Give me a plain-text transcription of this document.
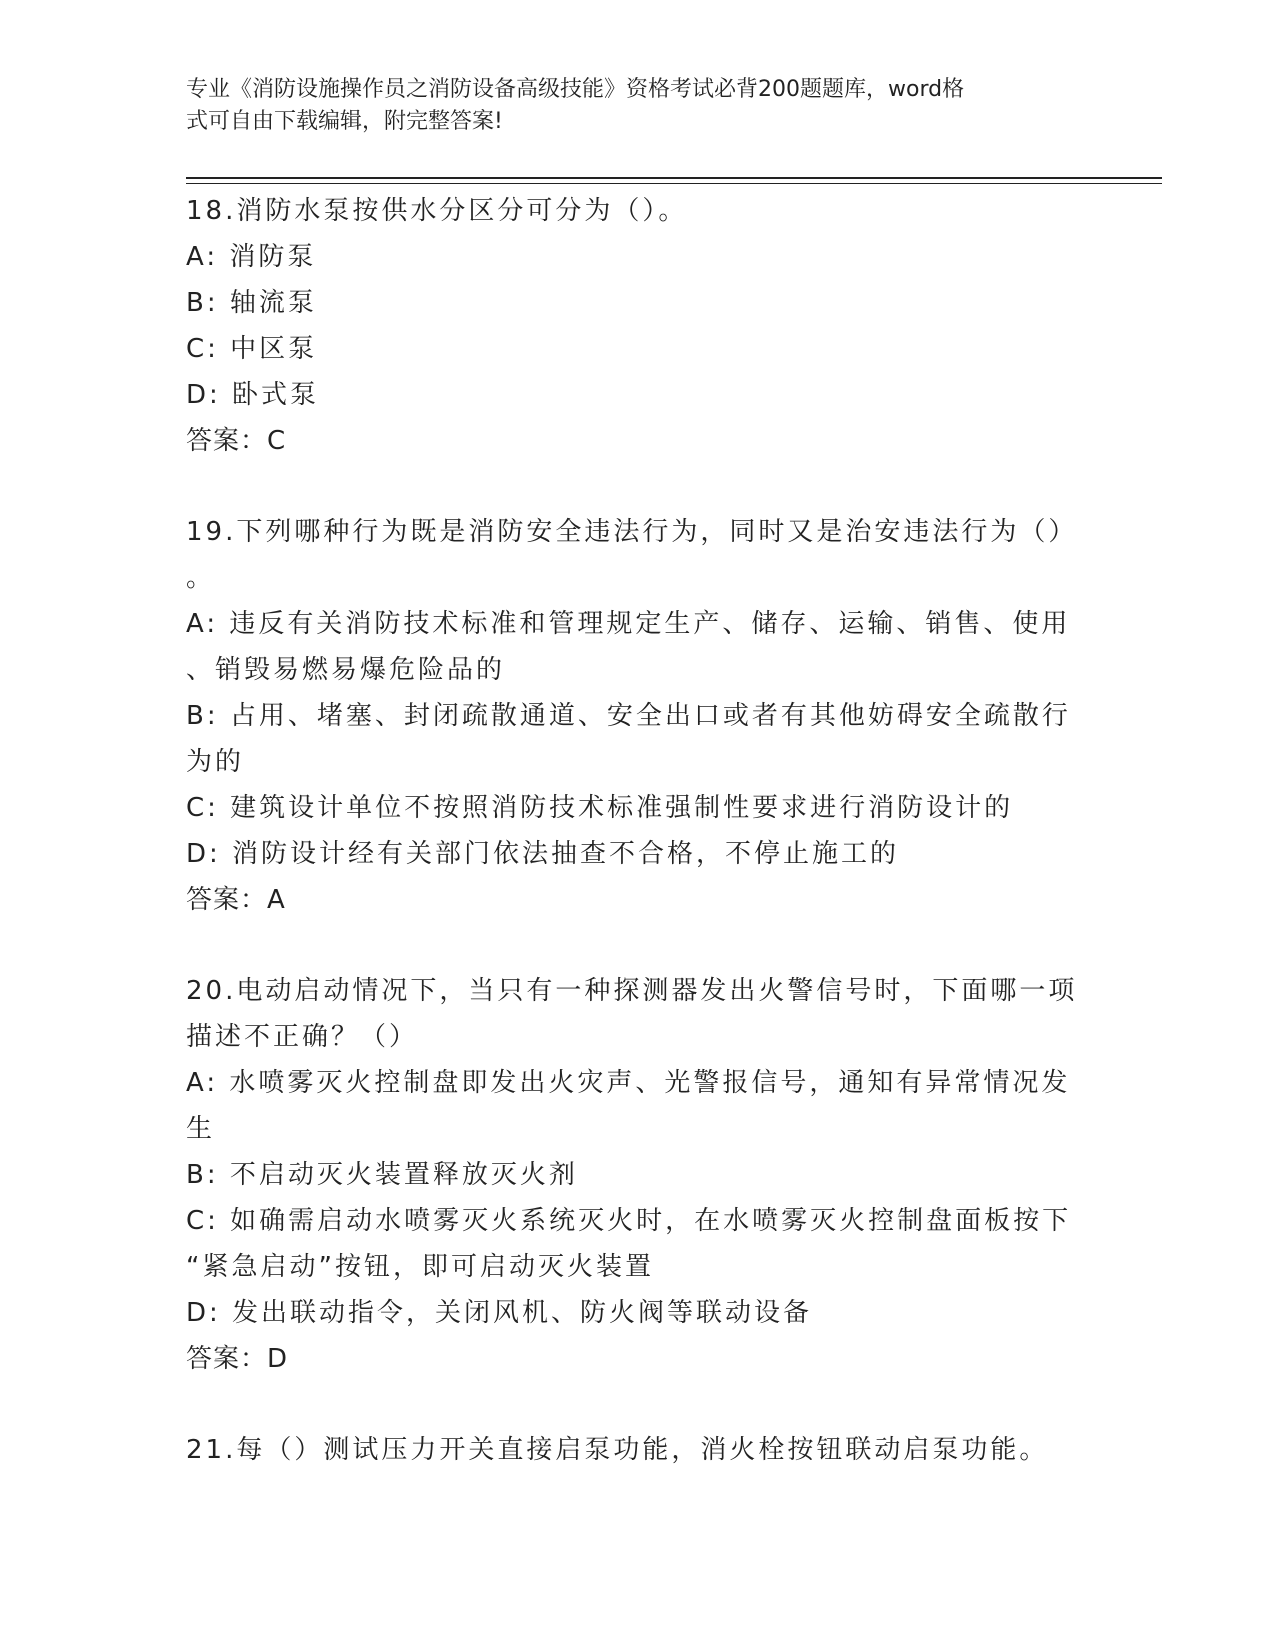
专业《消防设施操作员之消防设备高级技能》资格考试必背200题题库，word格
式可自由下载编辑，附完整答案!
18.消防水泵按供水分区分可分为（）。
A: 消防泵
B: 轴流泵
C: 中区泵
D: 卧式泵
答案：C
19.下列哪种行为既是消防安全违法行为，同时又是治安违法行为（）
。
A: 违反有关消防技术标准和管理规定生产、储存、运输、销售、使用
、销毁易燃易爆危险品的
B: 占用、堵塞、封闭疏散通道、安全出口或者有其他妨碍安全疏散行
为的
C: 建筑设计单位不按照消防技术标准强制性要求进行消防设计的
D: 消防设计经有关部门依法抽查不合格，不停止施工的
答案：A
20.电动启动情况下，当只有一种探测器发出火警信号时，下面哪一项
描述不正确？（）
A: 水喷雾灭火控制盘即发出火灾声、光警报信号，通知有异常情况发
生
B: 不启动灭火装置释放灭火剂
C: 如确需启动水喷雾灭火系统灭火时，在水喷雾灭火控制盘面板按下
“紧急启动”按钮，即可启动灭火装置
D: 发出联动指令，关闭风机、防火阀等联动设备
答案：D
21.每（）测试压力开关直接启泵功能，消火栓按钮联动启泵功能。
